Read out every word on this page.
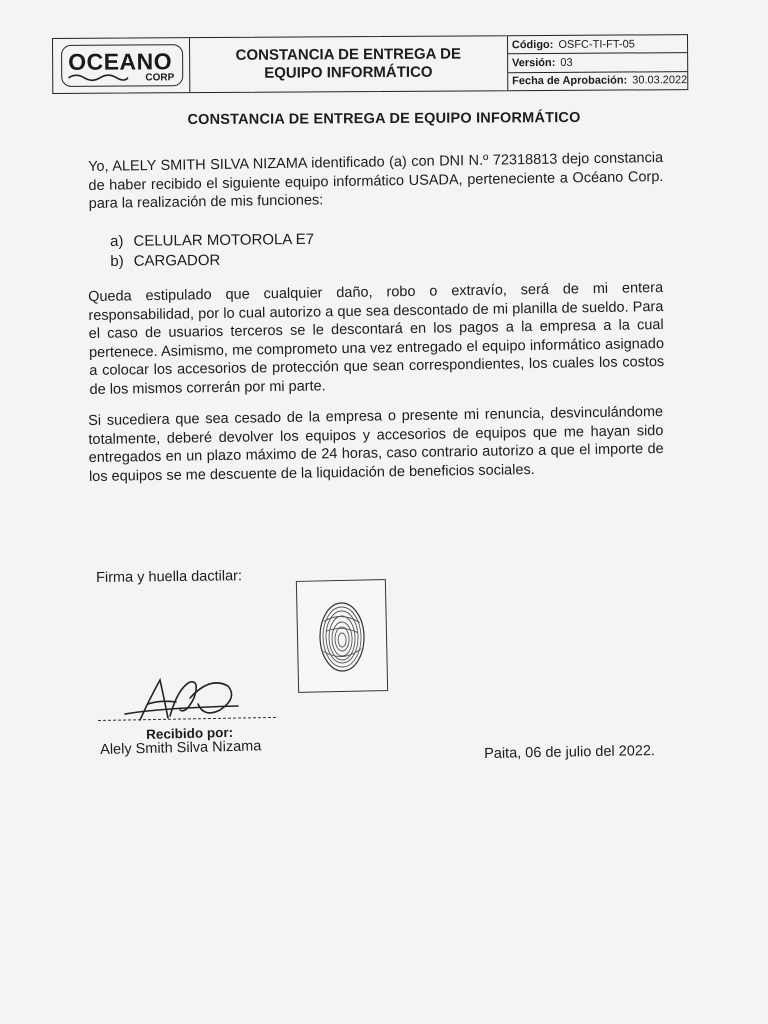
OCEANO
CORP
CONSTANCIA DE ENTREGA DE
EQUIPO INFORMÁTICO
Código: OSFC-TI-FT-05
Versión: 03
Fecha de Aprobación: 30.03.2022
CONSTANCIA DE ENTREGA DE EQUIPO INFORMÁTICO
Yo, ALELY SMITH SILVA NIZAMA identificado (a) con DNI N.º 72318813 dejo constancia de haber recibido el siguiente equipo informático USADA, perteneciente a Océano Corp. para la realización de mis funciones:
a) CELULAR MOTOROLA E7
b) CARGADOR
Queda estipulado que cualquier daño, robo o extravío, será de mi entera responsabilidad, por lo cual autorizo a que sea descontado de mi planilla de sueldo. Para el caso de usuarios terceros se le descontará en los pagos a la empresa a la cual pertenece. Asimismo, me comprometo una vez entregado el equipo informático asignado a colocar los accesorios de protección que sean correspondientes, los cuales los costos de los mismos correrán por mi parte.
Si sucediera que sea cesado de la empresa o presente mi renuncia, desvinculándome totalmente, deberé devolver los equipos y accesorios de equipos que me hayan sido entregados en un plazo máximo de 24 horas, caso contrario autorizo a que el importe de los equipos se me descuente de la liquidación de beneficios sociales.
Firma y huella dactilar:
Recibido por:
Alely Smith Silva Nizama	Paita, 06 de julio del 2022.
